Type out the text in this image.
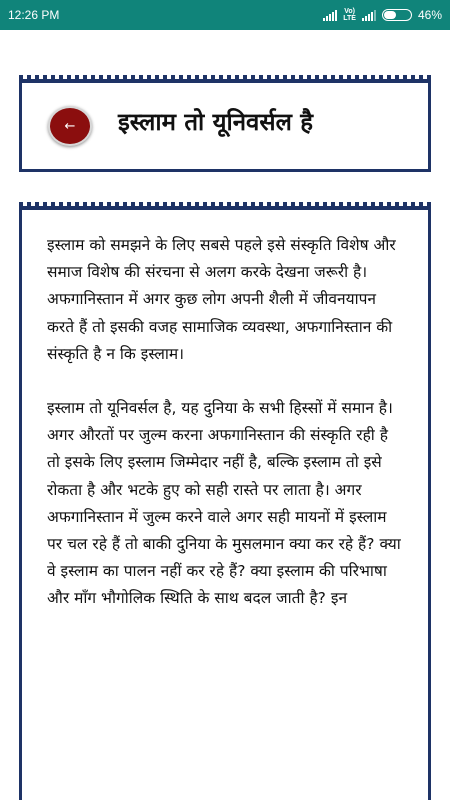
12:26 PM	Vo)
LTE	46%
← इस्लाम तो यूनिवर्सल है

इस्लाम को समझने के लिए सबसे पहले इसे संस्कृति विशेष और समाज विशेष की संरचना से अलग करके देखना जरूरी है। अफगानिस्तान में अगर कुछ लोग अपनी शैली में जीवनयापन करते हैं तो इसकी वजह सामाजिक व्यवस्था, अफगानिस्तान की संस्कृति है न कि इस्लाम।

इस्लाम तो यूनिवर्सल है, यह दुनिया के सभी हिस्सों में समान है। अगर औरतों पर जुल्म करना अफगानिस्तान की संस्कृति रही है तो इसके लिए इस्लाम जिम्मेदार नहीं है, बल्कि इस्लाम तो इसे रोकता है और भटके हुए को सही रास्ते पर लाता है। अगर अफगानिस्तान में जुल्म करने वाले अगर सही मायनों में इस्लाम पर चल रहे हैं तो बाकी दुनिया के मुसलमान क्या कर रहे हैं? क्या वे इस्लाम का पालन नहीं कर रहे हैं? क्या इस्लाम की परिभाषा और माँग भौगोलिक स्थिति के साथ बदल जाती है? इन
